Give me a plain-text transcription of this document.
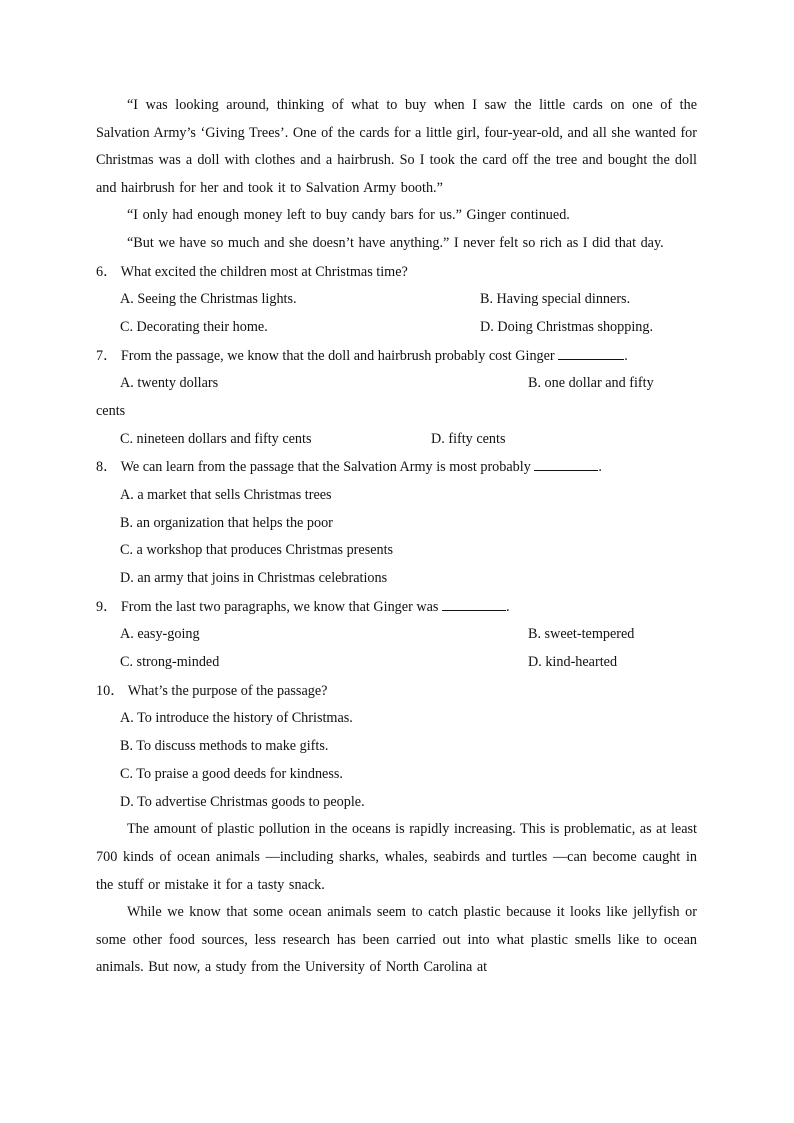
“I was looking around, thinking of what to buy when I saw the little cards on one of the Salvation Army’s ‘Giving Trees’. One of the cards for a little girl, four-year-old, and all she wanted for Christmas was a doll with clothes and a hairbrush. So I took the card off the tree and bought the doll and hairbrush for her and took it to Salvation Army booth.”

“I only had enough money left to buy candy bars for us.” Ginger continued.

“But we have so much and she doesn’t have anything.” I never felt so rich as I did that day.

6． What excited the children most at Christmas time?

A. Seeing the Christmas lights.	B. Having special dinners.
C. Decorating their home.	D. Doing Christmas shopping.

7． From the passage, we know that the doll and hairbrush probably cost Ginger	.

A. twenty dollars	B. one dollar and fifty
cents
C. nineteen dollars and fifty cents	D. fifty cents

8． We can learn from the passage that the Salvation Army is most probably	.

A. a market that sells Christmas trees
B. an organization that helps the poor
C. a workshop that produces Christmas presents
D. an army that joins in Christmas celebrations

9． From the last two paragraphs, we know that Ginger was	.

A. easy-going	B. sweet-tempered
C. strong-minded	D. kind-hearted

10． What’s the purpose of the passage?

A. To introduce the history of Christmas.
B. To discuss methods to make gifts.
C. To praise a good deeds for kindness.
D. To advertise Christmas goods to people.

The amount of plastic pollution in the oceans is rapidly increasing. This is problematic, as at least 700 kinds of ocean animals —including sharks, whales, seabirds and turtles —can become caught in the stuff or mistake it for a tasty snack.

While we know that some ocean animals seem to catch plastic because it looks like jellyfish or some other food sources, less research has been carried out into what plastic smells like to ocean animals. But now, a study from the University of North Carolina at
